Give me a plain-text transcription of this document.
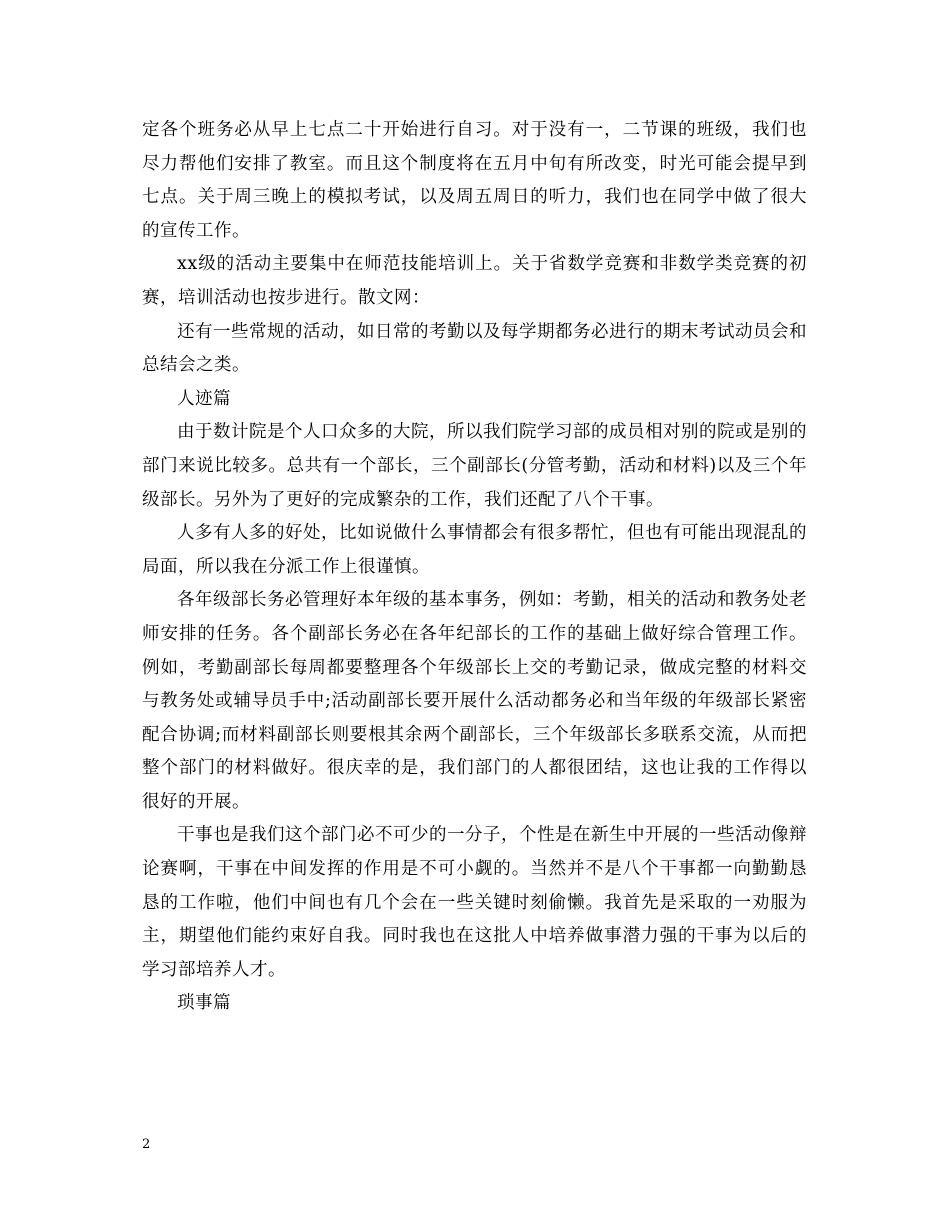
定各个班务必从早上七点二十开始进行自习。对于没有一，二节课的班级，我们也尽力帮他们安排了教室。而且这个制度将在五月中旬有所改变，时光可能会提早到七点。关于周三晚上的模拟考试，以及周五周日的听力，我们也在同学中做了很大的宣传工作。

xx级的活动主要集中在师范技能培训上。关于省数学竞赛和非数学类竞赛的初赛，培训活动也按步进行。散文网：

还有一些常规的活动，如日常的考勤以及每学期都务必进行的期末考试动员会和总结会之类。

人迹篇

由于数计院是个人口众多的大院，所以我们院学习部的成员相对别的院或是别的部门来说比较多。总共有一个部长，三个副部长(分管考勤，活动和材料)以及三个年级部长。另外为了更好的完成繁杂的工作，我们还配了八个干事。

人多有人多的好处，比如说做什么事情都会有很多帮忙，但也有可能出现混乱的局面，所以我在分派工作上很谨慎。

各年级部长务必管理好本年级的基本事务，例如：考勤，相关的活动和教务处老师安排的任务。各个副部长务必在各年纪部长的工作的基础上做好综合管理工作。例如，考勤副部长每周都要整理各个年级部长上交的考勤记录，做成完整的材料交与教务处或辅导员手中;活动副部长要开展什么活动都务必和当年级的年级部长紧密配合协调;而材料副部长则要根其余两个副部长，三个年级部长多联系交流，从而把整个部门的材料做好。很庆幸的是，我们部门的人都很团结，这也让我的工作得以很好的开展。

干事也是我们这个部门必不可少的一分子，个性是在新生中开展的一些活动像辩论赛啊，干事在中间发挥的作用是不可小觑的。当然并不是八个干事都一向勤勤恳恳的工作啦，他们中间也有几个会在一些关键时刻偷懒。我首先是采取的一劝服为主，期望他们能约束好自我。同时我也在这批人中培养做事潜力强的干事为以后的学习部培养人才。

琐事篇

2
